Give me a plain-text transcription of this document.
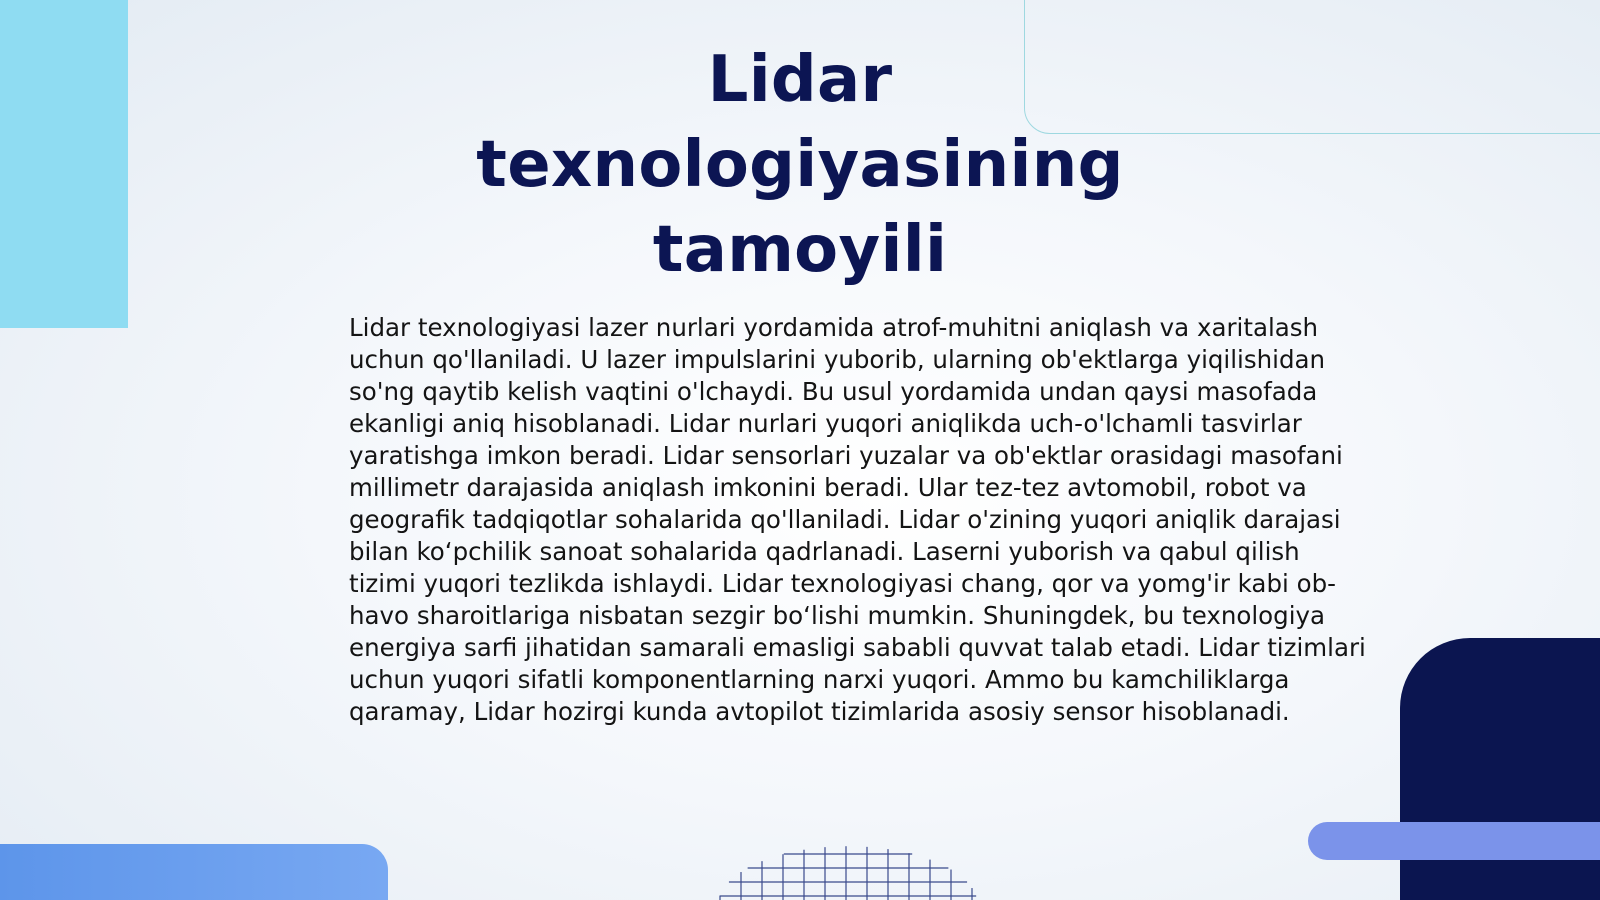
Lidar texnologiyasining tamoyili

Lidar texnologiyasi lazer nurlari yordamida atrof-muhitni aniqlash va xaritalash uchun qo'llaniladi. U lazer impulslarini yuborib, ularning ob'ektlarga yiqilishidan so'ng qaytib kelish vaqtini o'lchaydi. Bu usul yordamida undan qaysi masofada ekanligi aniq hisoblanadi. Lidar nurlari yuqori aniqlikda uch-o'lchamli tasvirlar yaratishga imkon beradi. Lidar sensorlari yuzalar va ob'ektlar orasidagi masofani millimetr darajasida aniqlash imkonini beradi. Ular tez-tez avtomobil, robot va geografik tadqiqotlar sohalarida qo'llaniladi. Lidar o'zining yuqori aniqlik darajasi bilan koʻpchilik sanoat sohalarida qadrlanadi. Laserni yuborish va qabul qilish tizimi yuqori tezlikda ishlaydi. Lidar texnologiyasi chang, qor va yomg'ir kabi ob-havo sharoitlariga nisbatan sezgir boʻlishi mumkin. Shuningdek, bu texnologiya energiya sarfi jihatidan samarali emasligi sababli quvvat talab etadi. Lidar tizimlari uchun yuqori sifatli komponentlarning narxi yuqori. Ammo bu kamchiliklarga qaramay, Lidar hozirgi kunda avtopilot tizimlarida asosiy sensor hisoblanadi.
